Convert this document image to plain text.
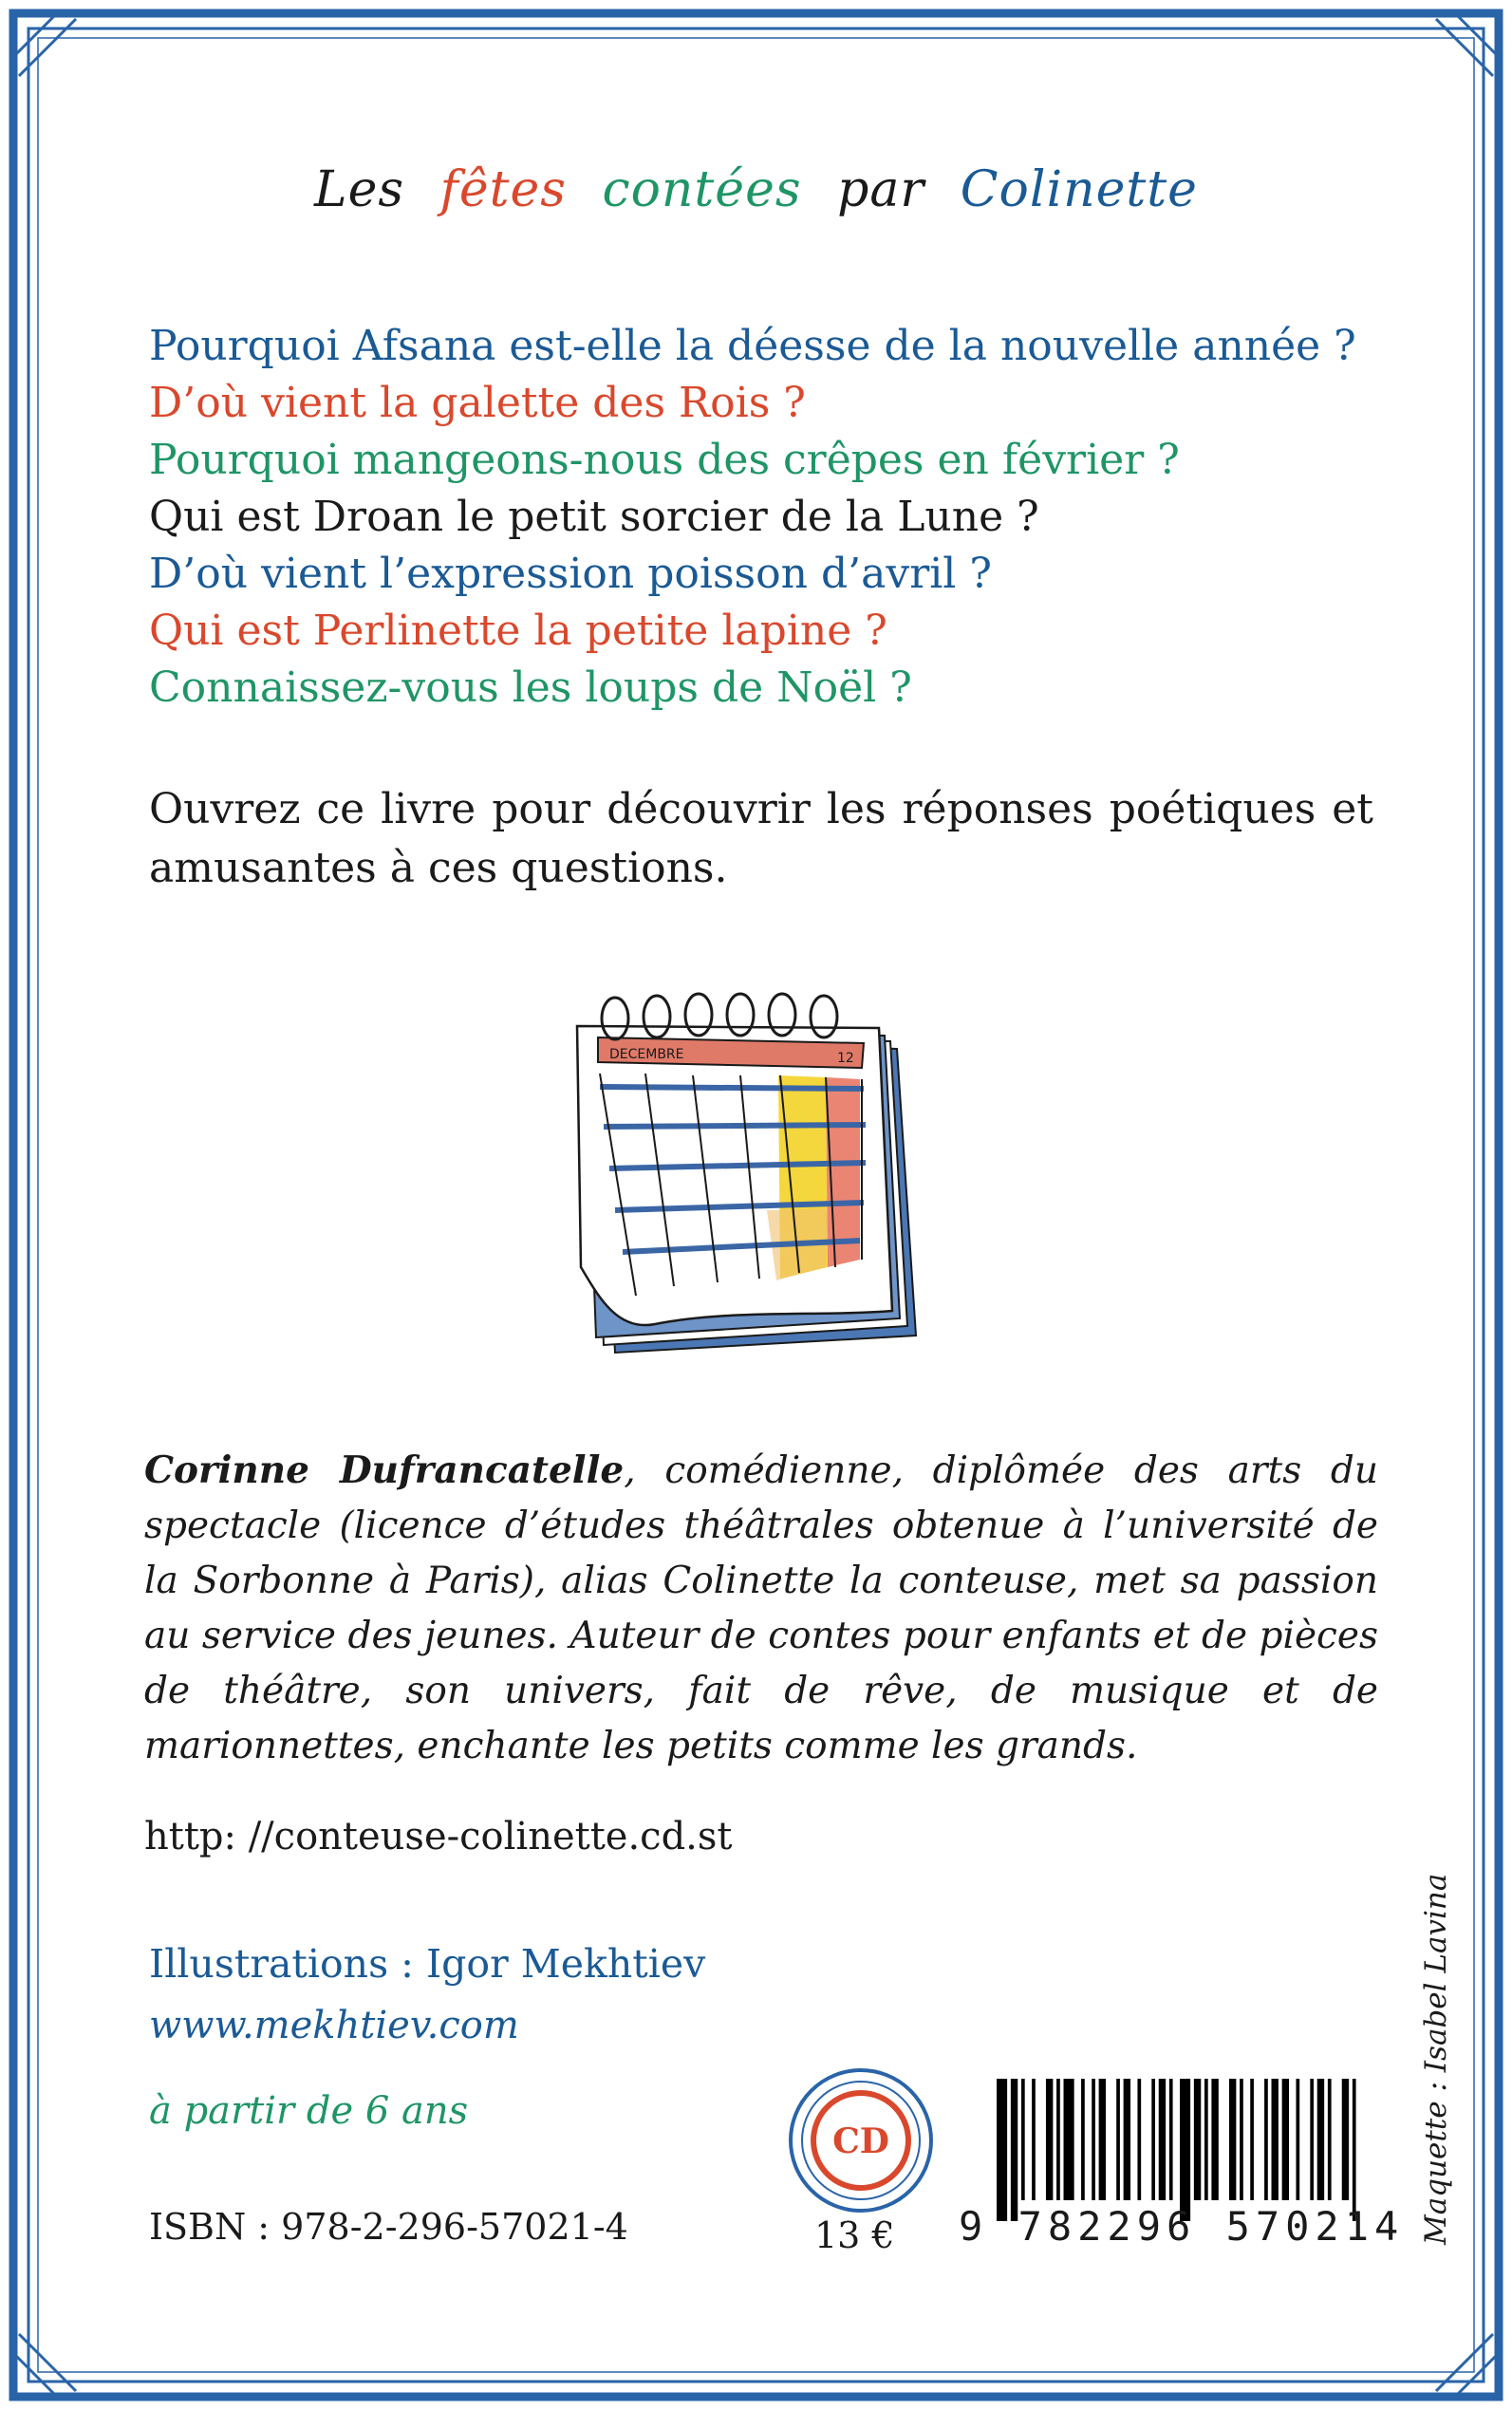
Les fêtes contées par Colinette
Pourquoi Afsana est-elle la déesse de la nouvelle année ?
D’où vient la galette des Rois ?
Pourquoi mangeons-nous des crêpes en février ?
Qui est Droan le petit sorcier de la Lune ?
D’où vient l’expression poisson d’avril ?
Qui est Perlinette la petite lapine ?
Connaissez-vous les loups de Noël ?

Ouvrez ce livre pour découvrir les réponses poétiques et amusantes à ces questions.

DECEMBRE	12

Corinne Dufrancatelle, comédienne, diplômée des arts du spectacle (licence d’études théâtrales obtenue à l’université de la Sorbonne à Paris), alias Colinette la conteuse, met sa passion au service des jeunes. Auteur de contes pour enfants et de pièces de théâtre, son univers, fait de rêve, de musique et de marionnettes, enchante les petits comme les grands.

http: //conteuse-colinette.cd.st
Illustrations : Igor Mekhtiev
www.mekhtiev.com
à partir de 6 ans
CD
ISBN : 978-2-296-57021-4	13 € 9 782296 570214 Maquette : Isabel Lavina
